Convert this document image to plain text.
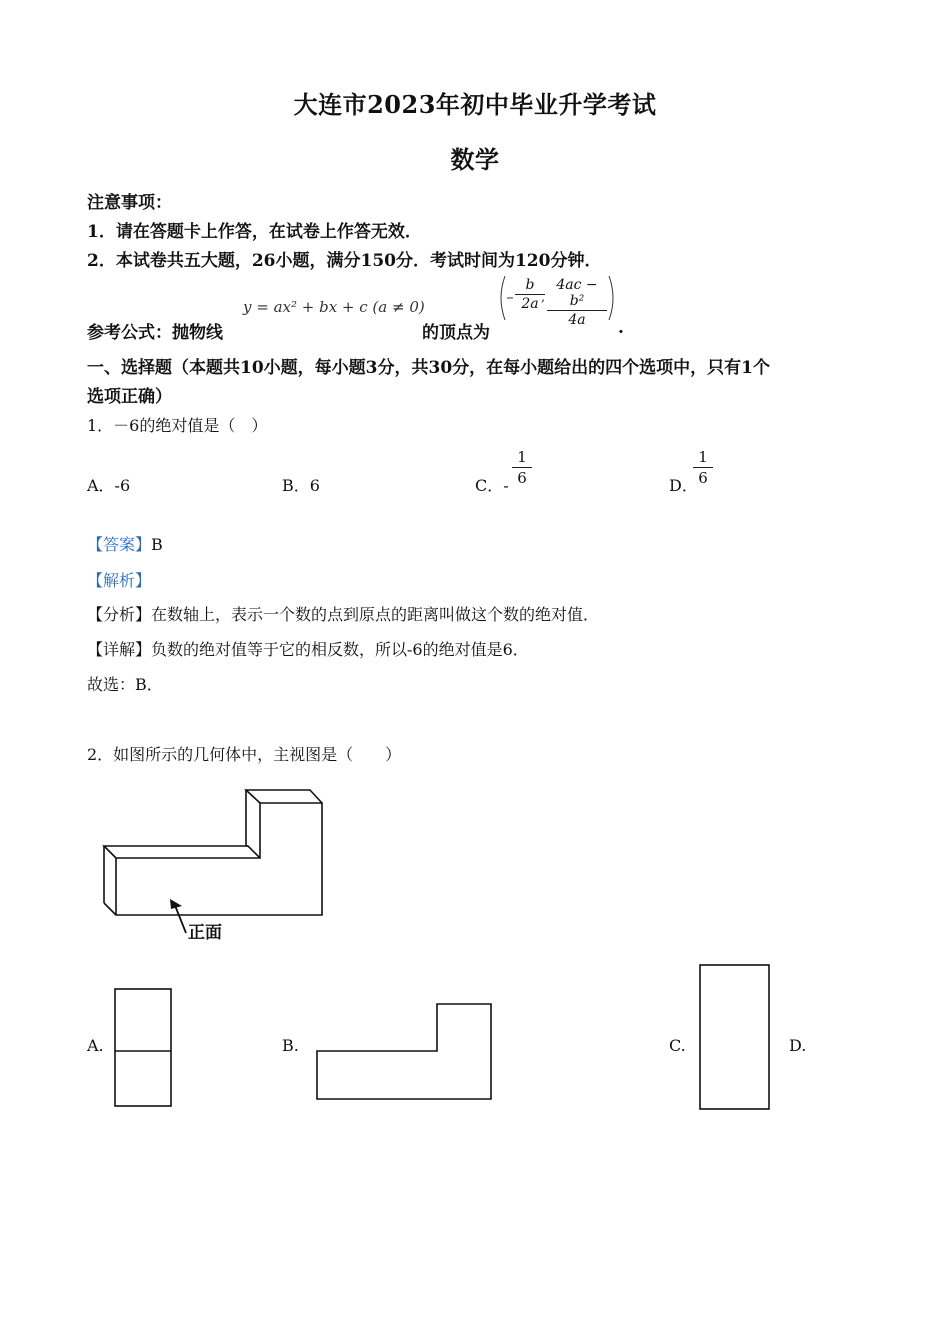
大连市2023年初中毕业升学考试
数学
注意事项：
1．请在答题卡上作答，在试卷上作答无效．
2．本试卷共五大题，26小题，满分150分．考试时间为120分钟．
参考公式：抛物线
y = ax² + bx + c (a ≠ 0)
的顶点为
,
b
2a
4ac − b²
4a	.
一、选择题（本题共10小题，每小题3分，共30分，在每小题给出的四个选项中，只有1个
选项正确）
1．－6的绝对值是（　）
A．-6	B．6	C．-
1
6	D．
1
6
【答案】B
【解析】
【分析】在数轴上，表示一个数的点到原点的距离叫做这个数的绝对值．
【详解】负数的绝对值等于它的相反数，所以-6的绝对值是6．
故选：B．
2．如图所示的几何体中，主视图是（　　）
正面
A.	B.	C.	D.
